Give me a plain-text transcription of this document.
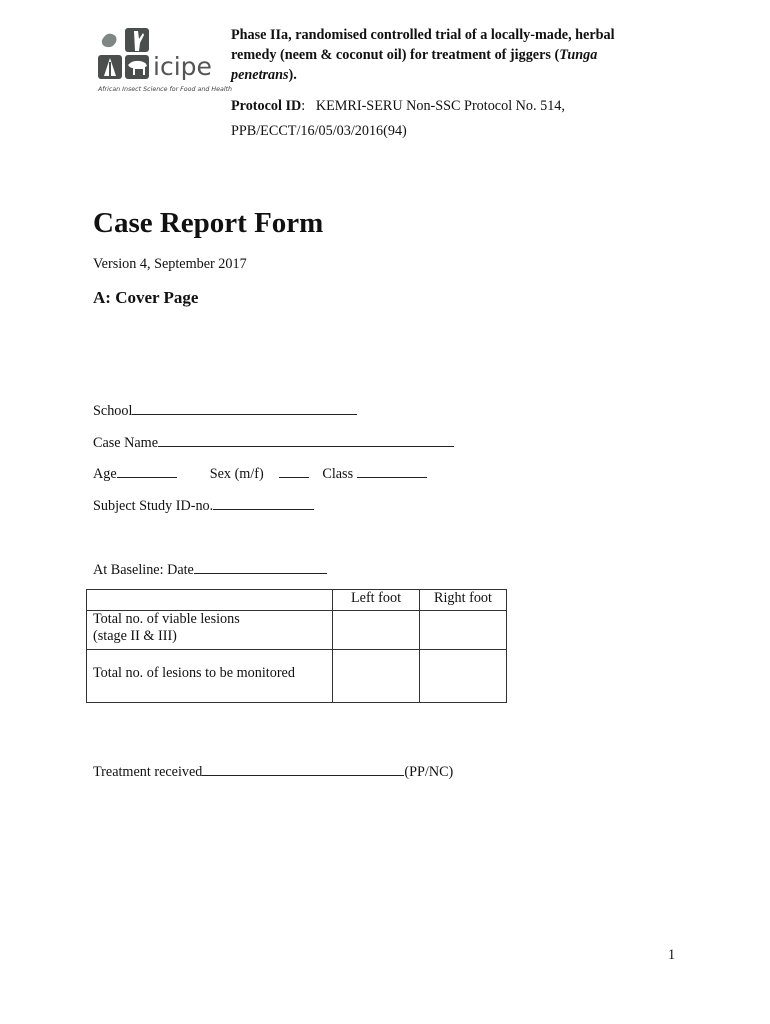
icipe
African Insect Science for Food and Health
Phase IIa, randomised controlled trial of a locally-made, herbal remedy (neem & coconut oil) for treatment of jiggers (Tunga penetrans).
Protocol ID: KEMRI-SERU Non-SSC Protocol No. 514,
PPB/ECCT/16/05/03/2016(94)
Case Report Form
Version 4, September 2017
A: Cover Page
School
Case Name
Age	Sex (m/f)	Class
Subject Study ID-no.
At Baseline: Date
	Left foot	Right foot

Total no. of viable lesions
(stage II & III)		

Total no. of lesions to be monitored		

Treatment received	(PP/NC)
1
